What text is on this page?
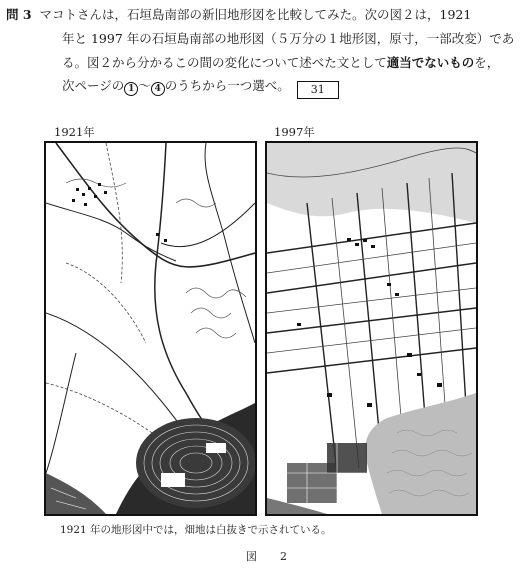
問 3 マコトさんは，石垣島南部の新旧地形図を比較してみた。次の図２は，1921
年と 1997 年の石垣島南部の地形図（５万分の１地形図，原寸，一部改変）であ
る。図２から分かるこの間の変化について述べた文として適当でないものを，
次ページの 1 ～ 4 のうちから一つ選べ。 31
1921年	1997年
1921 年の地形図中では，畑地は白抜きで示されている。
図　2
